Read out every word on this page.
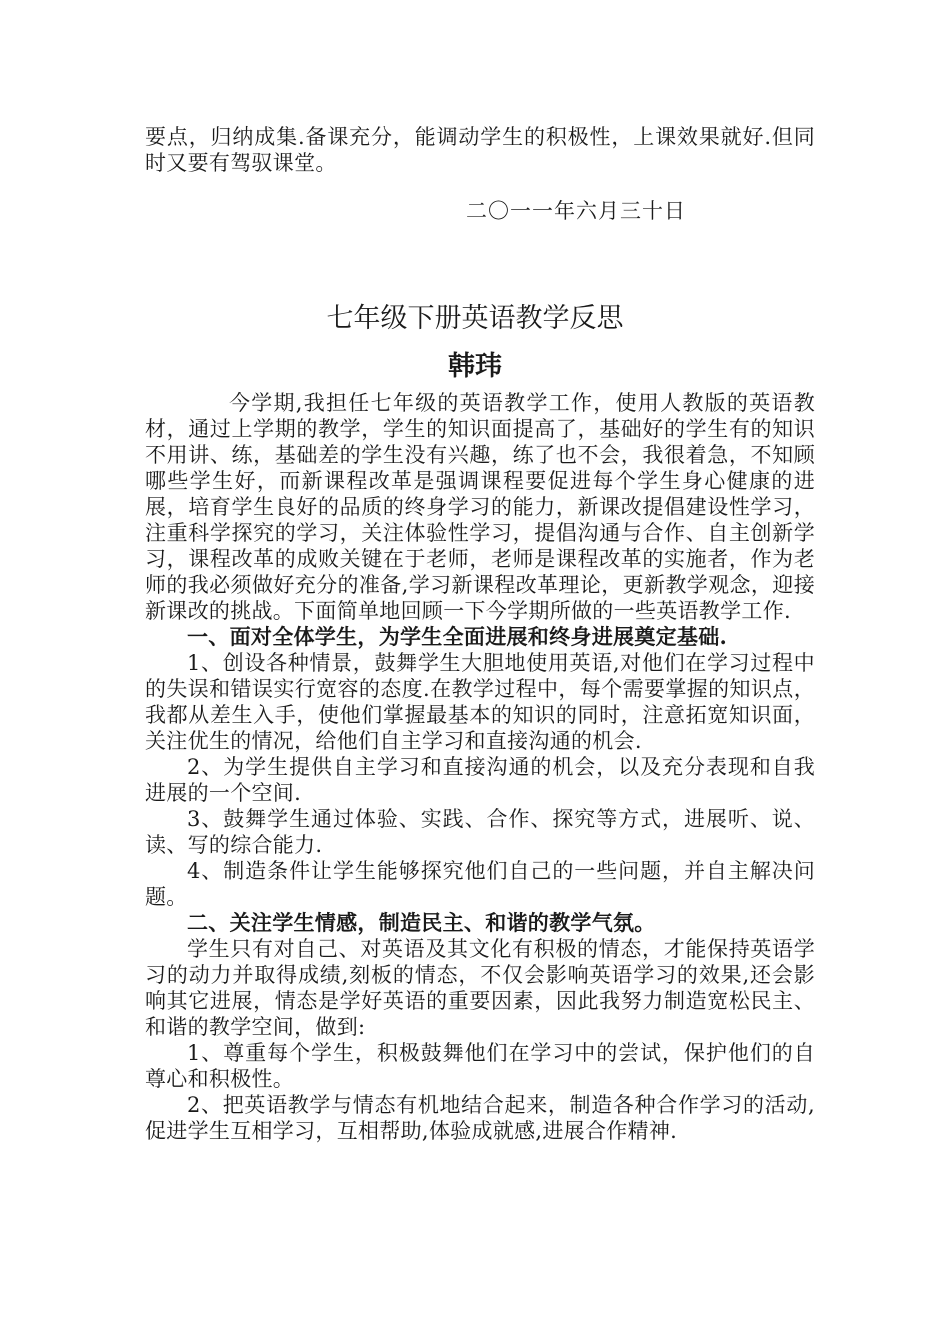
要点，归纳成集.备课充分，能调动学生的积极性，上课效果就好.但同时又要有驾驭课堂。
二〇一一年六月三十日
七年级下册英语教学反思
韩玮

今学期,我担任七年级的英语教学工作，使用人教版的英语教材，通过上学期的教学，学生的知识面提高了，基础好的学生有的知识不用讲、练，基础差的学生没有兴趣，练了也不会，我很着急，不知顾哪些学生好，而新课程改革是强调课程要促进每个学生身心健康的进展，培育学生良好的品质的终身学习的能力，新课改提倡建设性学习，注重科学探究的学习，关注体验性学习，提倡沟通与合作、自主创新学习，课程改革的成败关键在于老师，老师是课程改革的实施者，作为老师的我必须做好充分的准备,学习新课程改革理论，更新教学观念，迎接新课改的挑战。下面简单地回顾一下今学期所做的一些英语教学工作.

一、面对全体学生，为学生全面进展和终身进展奠定基础.

1、创设各种情景，鼓舞学生大胆地使用英语,对他们在学习过程中的失误和错误实行宽容的态度.在教学过程中，每个需要掌握的知识点，我都从差生入手，使他们掌握最基本的知识的同时，注意拓宽知识面，关注优生的情况，给他们自主学习和直接沟通的机会.

2、为学生提供自主学习和直接沟通的机会，以及充分表现和自我进展的一个空间.

3、鼓舞学生通过体验、实践、合作、探究等方式，进展听、说、读、写的综合能力.

4、制造条件让学生能够探究他们自己的一些问题，并自主解决问题。

二、关注学生情感，制造民主、和谐的教学气氛。

学生只有对自己、对英语及其文化有积极的情态，才能保持英语学习的动力并取得成绩,刻板的情态，不仅会影响英语学习的效果,还会影响其它进展，情态是学好英语的重要因素，因此我努力制造宽松民主、和谐的教学空间，做到:

1、尊重每个学生，积极鼓舞他们在学习中的尝试，保护他们的自尊心和积极性。

2、把英语教学与情态有机地结合起来，制造各种合作学习的活动,促进学生互相学习，互相帮助,体验成就感,进展合作精神.
